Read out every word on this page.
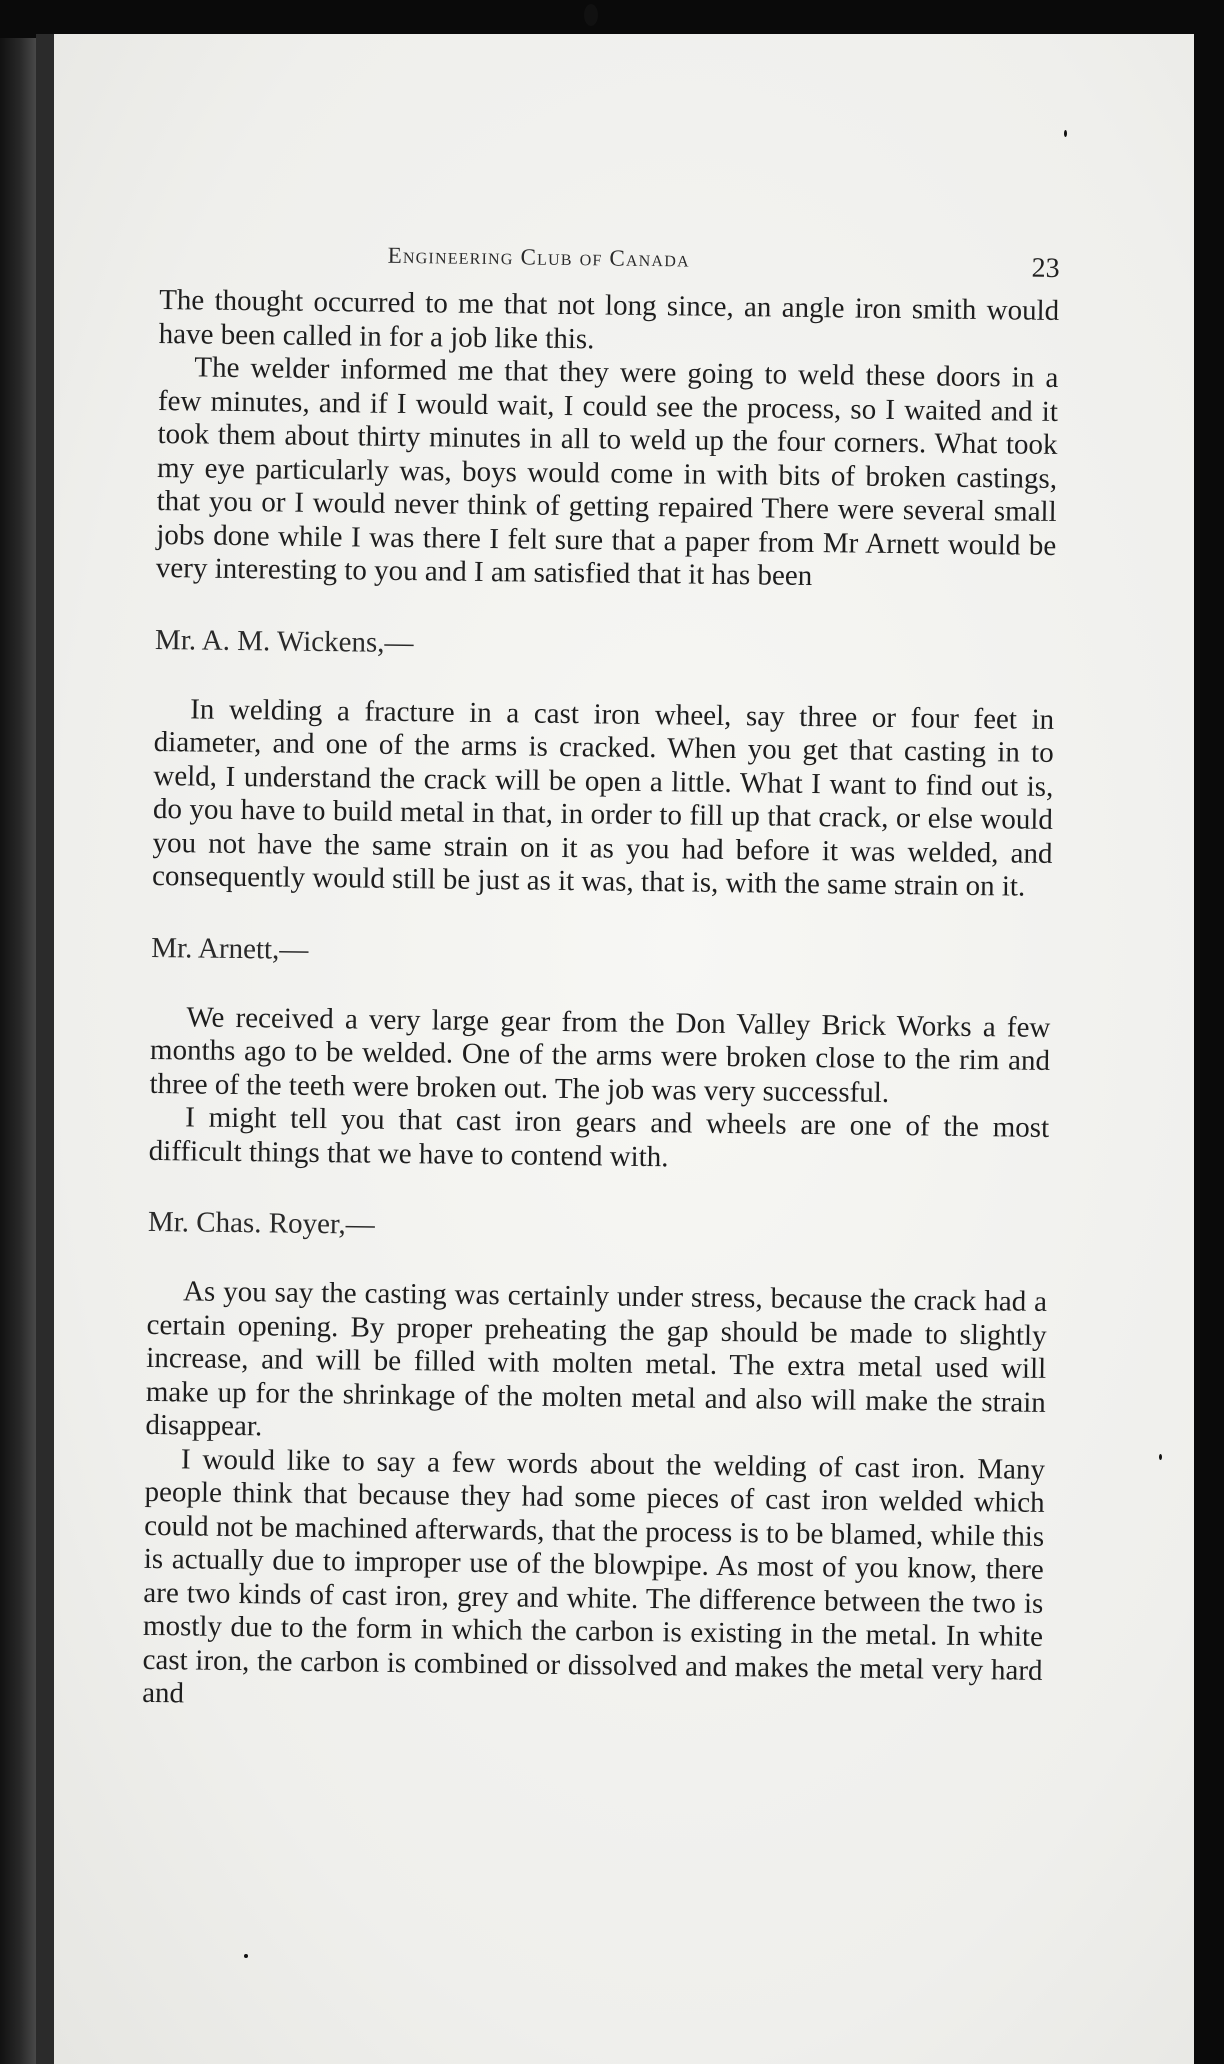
Engineering Club of Canada	23

The thought occurred to me that not long since, an angle iron smith would have been called in for a job like this.

The welder informed me that they were going to weld these doors in a few minutes, and if I would wait, I could see the process, so I waited and it took them about thirty minutes in all to weld up the four corners. What took my eye particularly was, boys would come in with bits of broken castings, that you or I would never think of getting repaired There were several small jobs done while I was there I felt sure that a paper from Mr Arnett would be very interesting to you and I am satisfied that it has been

Mr. A. M. Wickens,—

In welding a fracture in a cast iron wheel, say three or four feet in diameter, and one of the arms is cracked. When you get that casting in to weld, I understand the crack will be open a little. What I want to find out is, do you have to build metal in that, in order to fill up that crack, or else would you not have the same strain on it as you had before it was welded, and consequently would still be just as it was, that is, with the same strain on it.

Mr. Arnett,—

We received a very large gear from the Don Valley Brick Works a few months ago to be welded. One of the arms were broken close to the rim and three of the teeth were broken out. The job was very successful.

I might tell you that cast iron gears and wheels are one of the most difficult things that we have to contend with.

Mr. Chas. Royer,—

As you say the casting was certainly under stress, because the crack had a certain opening. By proper preheating the gap should be made to slightly increase, and will be filled with molten metal. The extra metal used will make up for the shrinkage of the molten metal and also will make the strain disappear.

I would like to say a few words about the welding of cast iron. Many people think that because they had some pieces of cast iron welded which could not be machined afterwards, that the process is to be blamed, while this is actually due to improper use of the blowpipe. As most of you know, there are two kinds of cast iron, grey and white. The difference between the two is mostly due to the form in which the carbon is existing in the metal. In white cast iron, the carbon is combined or dissolved and makes the metal very hard and
